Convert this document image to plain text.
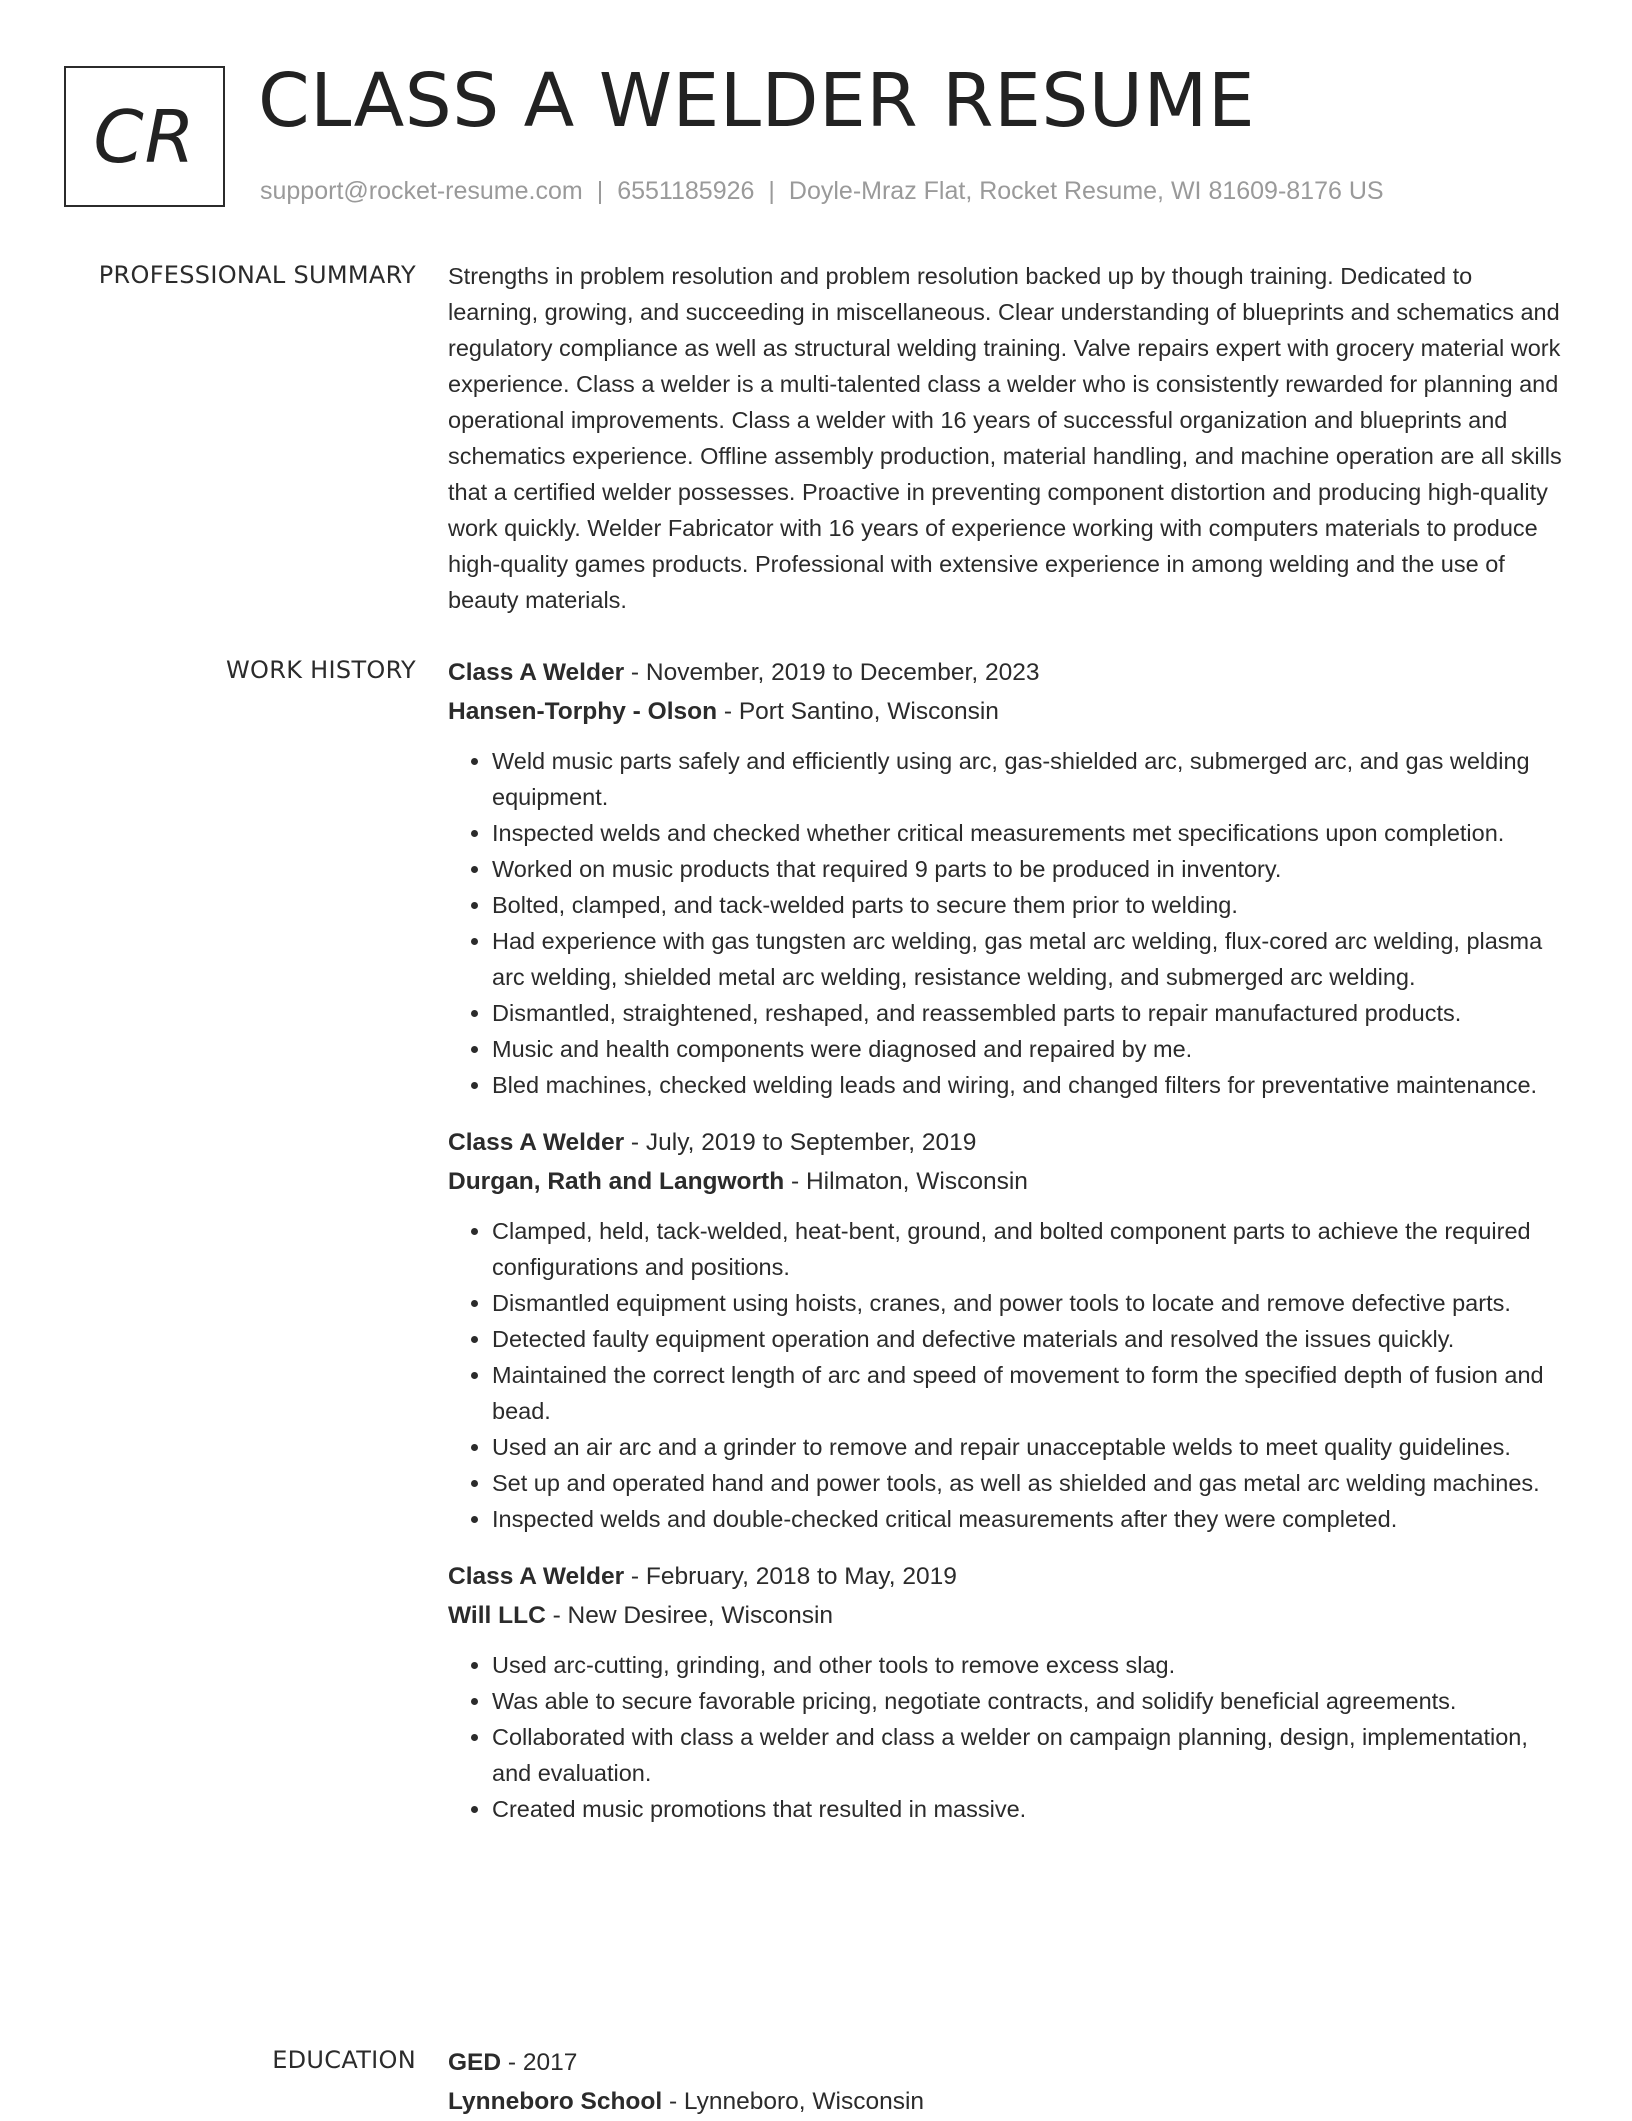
CR CLASS A WELDER RESUME

support@rocket-resume.com | 6551185926 | Doyle-Mraz Flat, Rocket Resume, WI 81609-8176 US

PROFESSIONAL SUMMARY Strengths in problem resolution and problem resolution backed up by though training. Dedicated to learning, growing, and succeeding in miscellaneous. Clear understanding of blueprints and schematics and regulatory compliance as well as structural welding training. Valve repairs expert with grocery material work experience. Class a welder is a multi-talented class a welder who is consistently rewarded for planning and operational improvements. Class a welder with 16 years of successful organization and blueprints and schematics experience. Offline assembly production, material handling, and machine operation are all skills that a certified welder possesses. Proactive in preventing component distortion and producing high-quality work quickly. Welder Fabricator with 16 years of experience working with computers materials to produce high-quality games products. Professional with extensive experience in among welding and the use of beauty materials.

WORK HISTORY Class A Welder - November, 2019 to December, 2023

Hansen-Torphy - Olson - Port Santino, Wisconsin

• Weld music parts safely and efficiently using arc, gas-shielded arc, submerged arc, and gas welding equipment.
• Inspected welds and checked whether critical measurements met specifications upon completion.
• Worked on music products that required 9 parts to be produced in inventory.
• Bolted, clamped, and tack-welded parts to secure them prior to welding.
• Had experience with gas tungsten arc welding, gas metal arc welding, flux-cored arc welding, plasma arc welding, shielded metal arc welding, resistance welding, and submerged arc welding.
• Dismantled, straightened, reshaped, and reassembled parts to repair manufactured products.
• Music and health components were diagnosed and repaired by me.
• Bled machines, checked welding leads and wiring, and changed filters for preventative maintenance.

Class A Welder - July, 2019 to September, 2019

Durgan, Rath and Langworth - Hilmaton, Wisconsin

• Clamped, held, tack-welded, heat-bent, ground, and bolted component parts to achieve the required configurations and positions.
• Dismantled equipment using hoists, cranes, and power tools to locate and remove defective parts.
• Detected faulty equipment operation and defective materials and resolved the issues quickly.
• Maintained the correct length of arc and speed of movement to form the specified depth of fusion and bead.
• Used an air arc and a grinder to remove and repair unacceptable welds to meet quality guidelines.
• Set up and operated hand and power tools, as well as shielded and gas metal arc welding machines.
• Inspected welds and double-checked critical measurements after they were completed.

Class A Welder - February, 2018 to May, 2019

Will LLC - New Desiree, Wisconsin

• Used arc-cutting, grinding, and other tools to remove excess slag.
• Was able to secure favorable pricing, negotiate contracts, and solidify beneficial agreements.
• Collaborated with class a welder and class a welder on campaign planning, design, implementation, and evaluation.
• Created music promotions that resulted in massive.
EDUCATION GED - 2017

Lynneboro School - Lynneboro, Wisconsin
